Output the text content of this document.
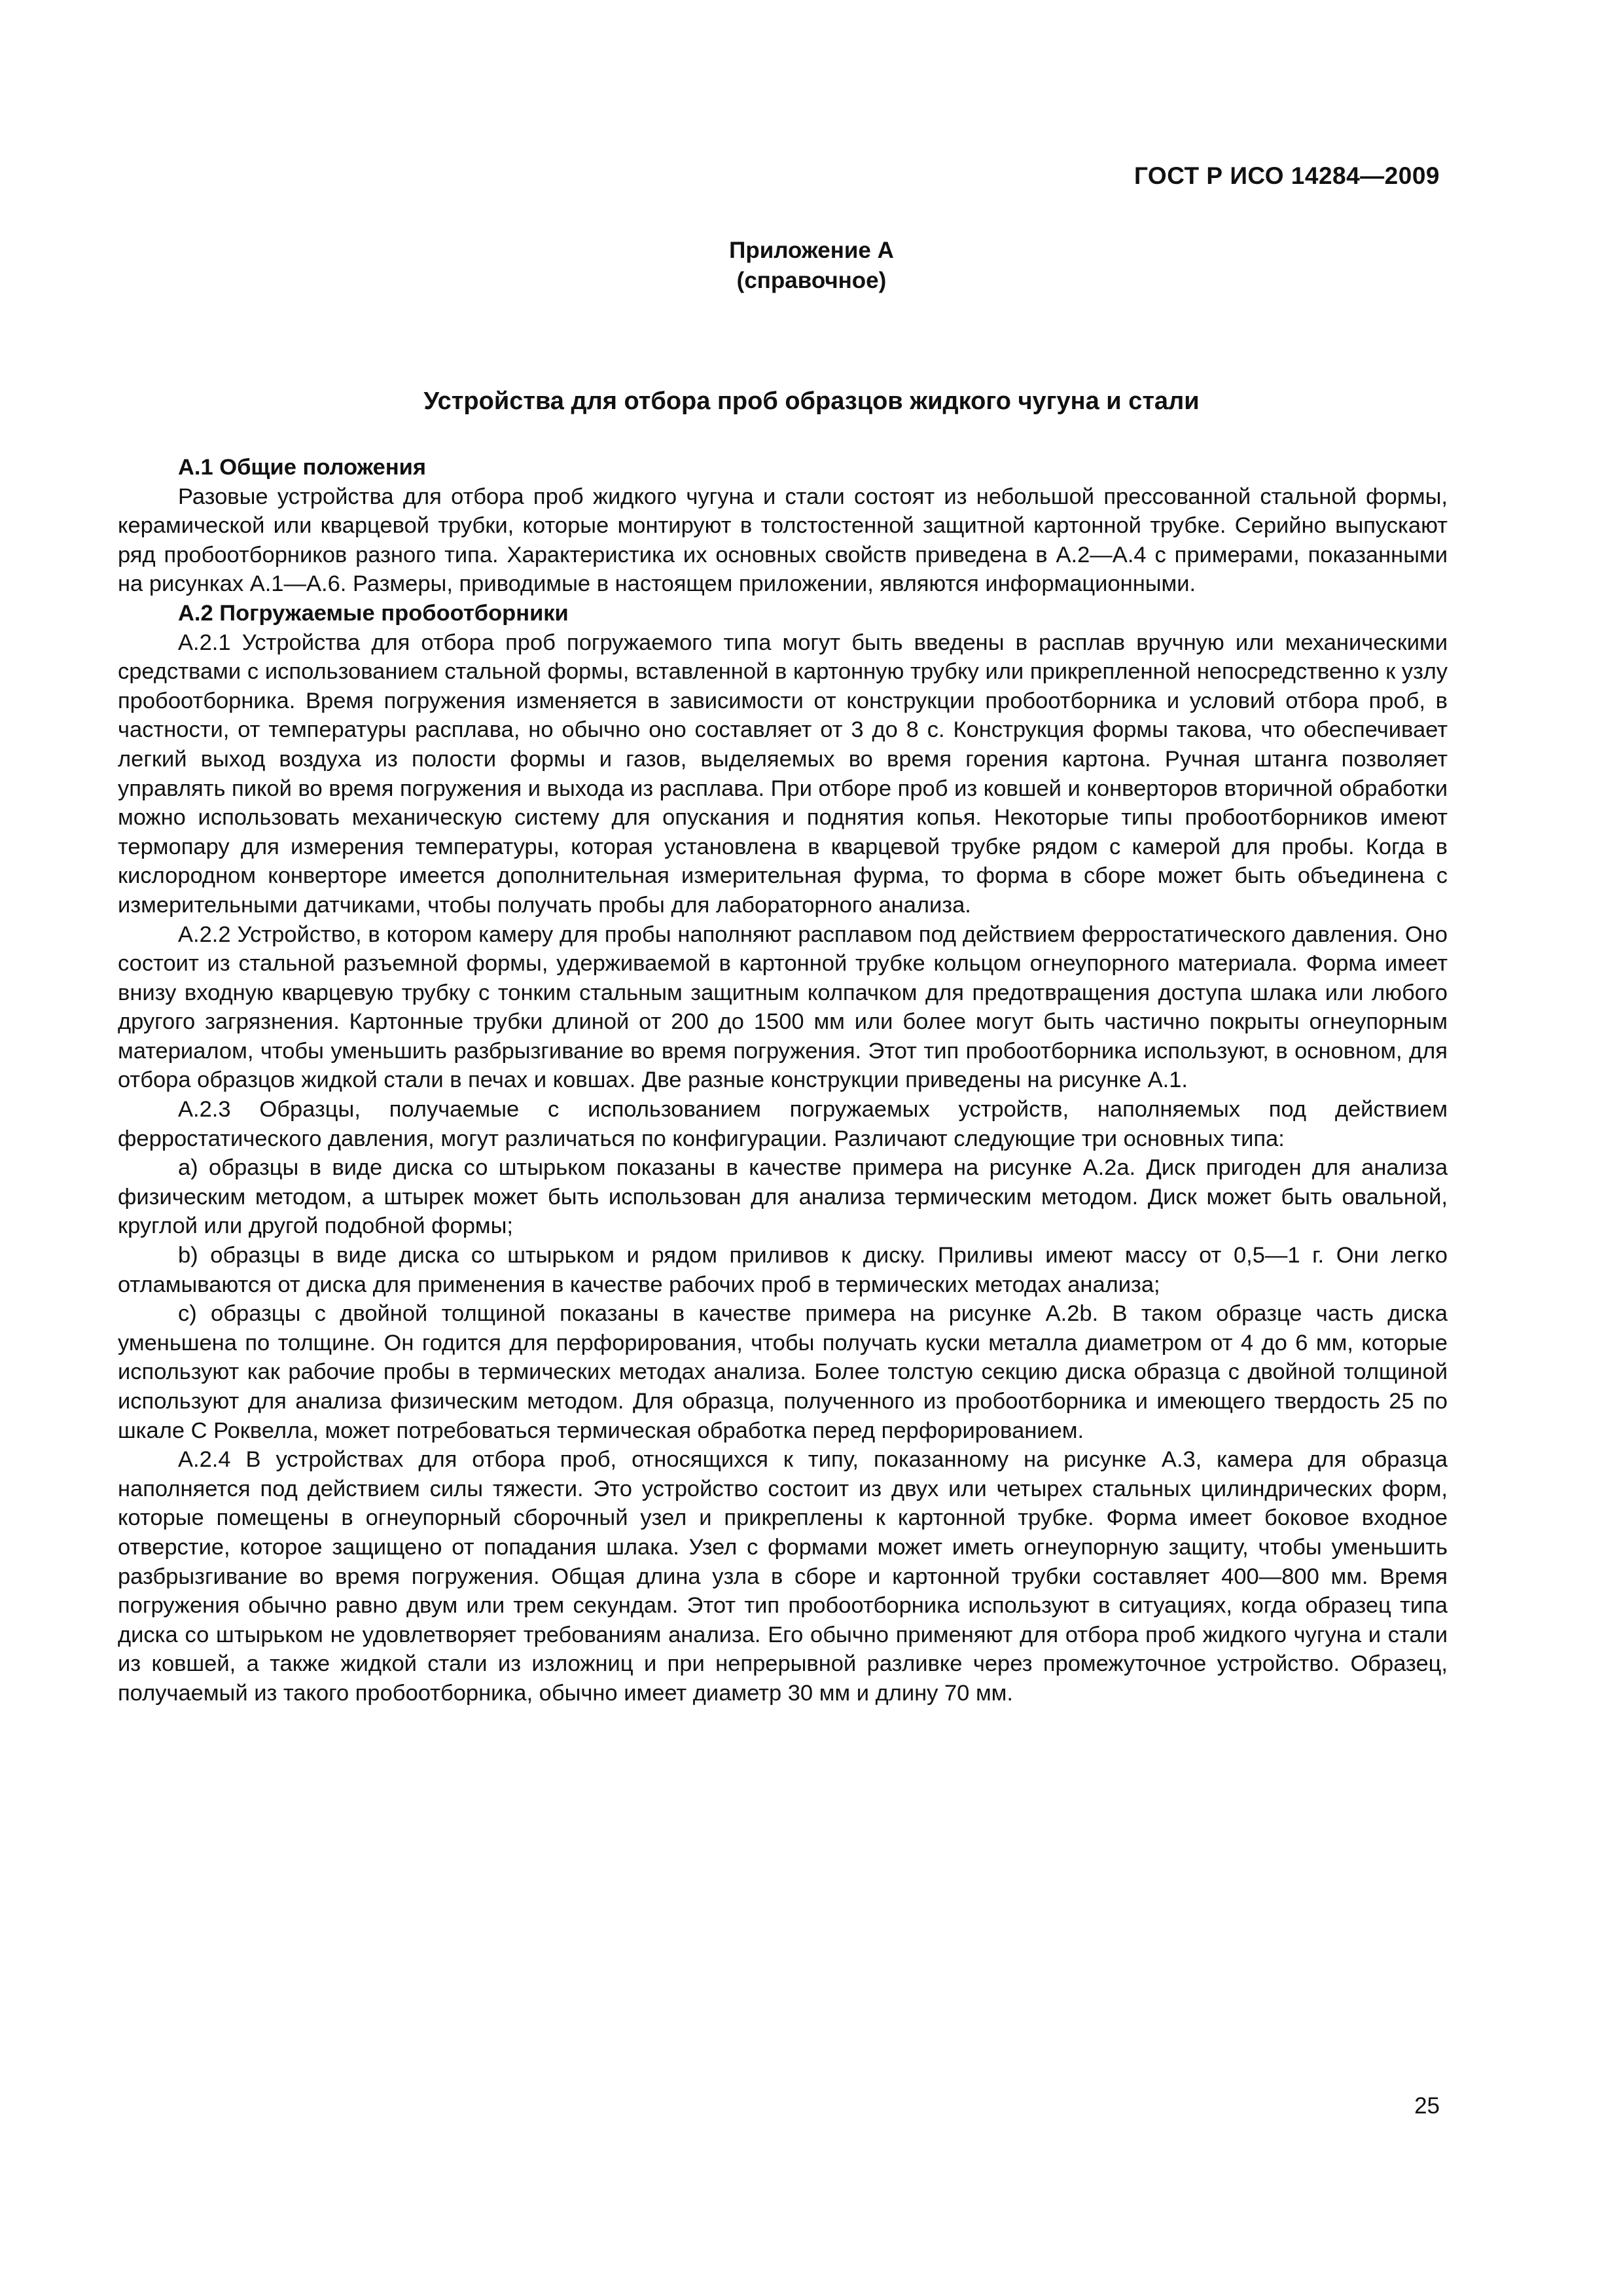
ГОСТ Р ИСО 14284—2009
Приложение А
(справочное)
Устройства для отбора проб образцов жидкого чугуна и стали

А.1 Общие положения

Разовые устройства для отбора проб жидкого чугуна и стали состоят из небольшой прессованной стальной формы, керамической или кварцевой трубки, которые монтируют в толстостенной защитной картонной трубке. Серийно выпускают ряд пробоотборников разного типа. Характеристика их основных свойств приведена в А.2—А.4 с примерами, показанными на рисунках А.1—А.6. Размеры, приводимые в настоящем приложении, являются информационными.

А.2 Погружаемые пробоотборники

А.2.1 Устройства для отбора проб погружаемого типа могут быть введены в расплав вручную или механическими средствами с использованием стальной формы, вставленной в картонную трубку или прикрепленной непосредственно к узлу пробоотборника. Время погружения изменяется в зависимости от конструкции пробоотборника и условий отбора проб, в частности, от температуры расплава, но обычно оно составляет от 3 до 8 с. Конструкция формы такова, что обеспечивает легкий выход воздуха из полости формы и газов, выделяемых во время горения картона. Ручная штанга позволяет управлять пикой во время погружения и выхода из расплава. При отборе проб из ковшей и конверторов вторичной обработки можно использовать механическую систему для опускания и поднятия копья. Некоторые типы пробоотборников имеют термопару для измерения температуры, которая установлена в кварцевой трубке рядом с камерой для пробы. Когда в кислородном конверторе имеется дополнительная измерительная фурма, то форма в сборе может быть объединена с измерительными датчиками, чтобы получать пробы для лабораторного анализа.

А.2.2 Устройство, в котором камеру для пробы наполняют расплавом под действием ферростатического давления. Оно состоит из стальной разъемной формы, удерживаемой в картонной трубке кольцом огнеупорного материала. Форма имеет внизу входную кварцевую трубку с тонким стальным защитным колпачком для предотвращения доступа шлака или любого другого загрязнения. Картонные трубки длиной от 200 до 1500 мм или более могут быть частично покрыты огнеупорным материалом, чтобы уменьшить разбрызгивание во время погружения. Этот тип пробоотборника используют, в основном, для отбора образцов жидкой стали в печах и ковшах. Две разные конструкции приведены на рисунке А.1.

А.2.3 Образцы, получаемые с использованием погружаемых устройств, наполняемых под действием ферростатического давления, могут различаться по конфигурации. Различают следующие три основных типа:

а) образцы в виде диска со штырьком показаны в качестве примера на рисунке А.2а. Диск пригоден для анализа физическим методом, а штырек может быть использован для анализа термическим методом. Диск может быть овальной, круглой или другой подобной формы;

b) образцы в виде диска со штырьком и рядом приливов к диску. Приливы имеют массу от 0,5—1 г. Они легко отламываются от диска для применения в качестве рабочих проб в термических методах анализа;

c) образцы с двойной толщиной показаны в качестве примера на рисунке А.2b. В таком образце часть диска уменьшена по толщине. Он годится для перфорирования, чтобы получать куски металла диаметром от 4 до 6 мм, которые используют как рабочие пробы в термических методах анализа. Более толстую секцию диска образца с двойной толщиной используют для анализа физическим методом. Для образца, полученного из пробоотборника и имеющего твердость 25 по шкале С Роквелла, может потребоваться термическая обработка перед перфорированием.

А.2.4 В устройствах для отбора проб, относящихся к типу, показанному на рисунке А.3, камера для образца наполняется под действием силы тяжести. Это устройство состоит из двух или четырех стальных цилиндрических форм, которые помещены в огнеупорный сборочный узел и прикреплены к картонной трубке. Форма имеет боковое входное отверстие, которое защищено от попадания шлака. Узел с формами может иметь огнеупорную защиту, чтобы уменьшить разбрызгивание во время погружения. Общая длина узла в сборе и картонной трубки составляет 400—800 мм. Время погружения обычно равно двум или трем секундам. Этот тип пробоотборника используют в ситуациях, когда образец типа диска со штырьком не удовлетворяет требованиям анализа. Его обычно применяют для отбора проб жидкого чугуна и стали из ковшей, а также жидкой стали из изложниц и при непрерывной разливке через промежуточное устройство. Образец, получаемый из такого пробоотборника, обычно имеет диаметр 30 мм и длину 70 мм.

25
